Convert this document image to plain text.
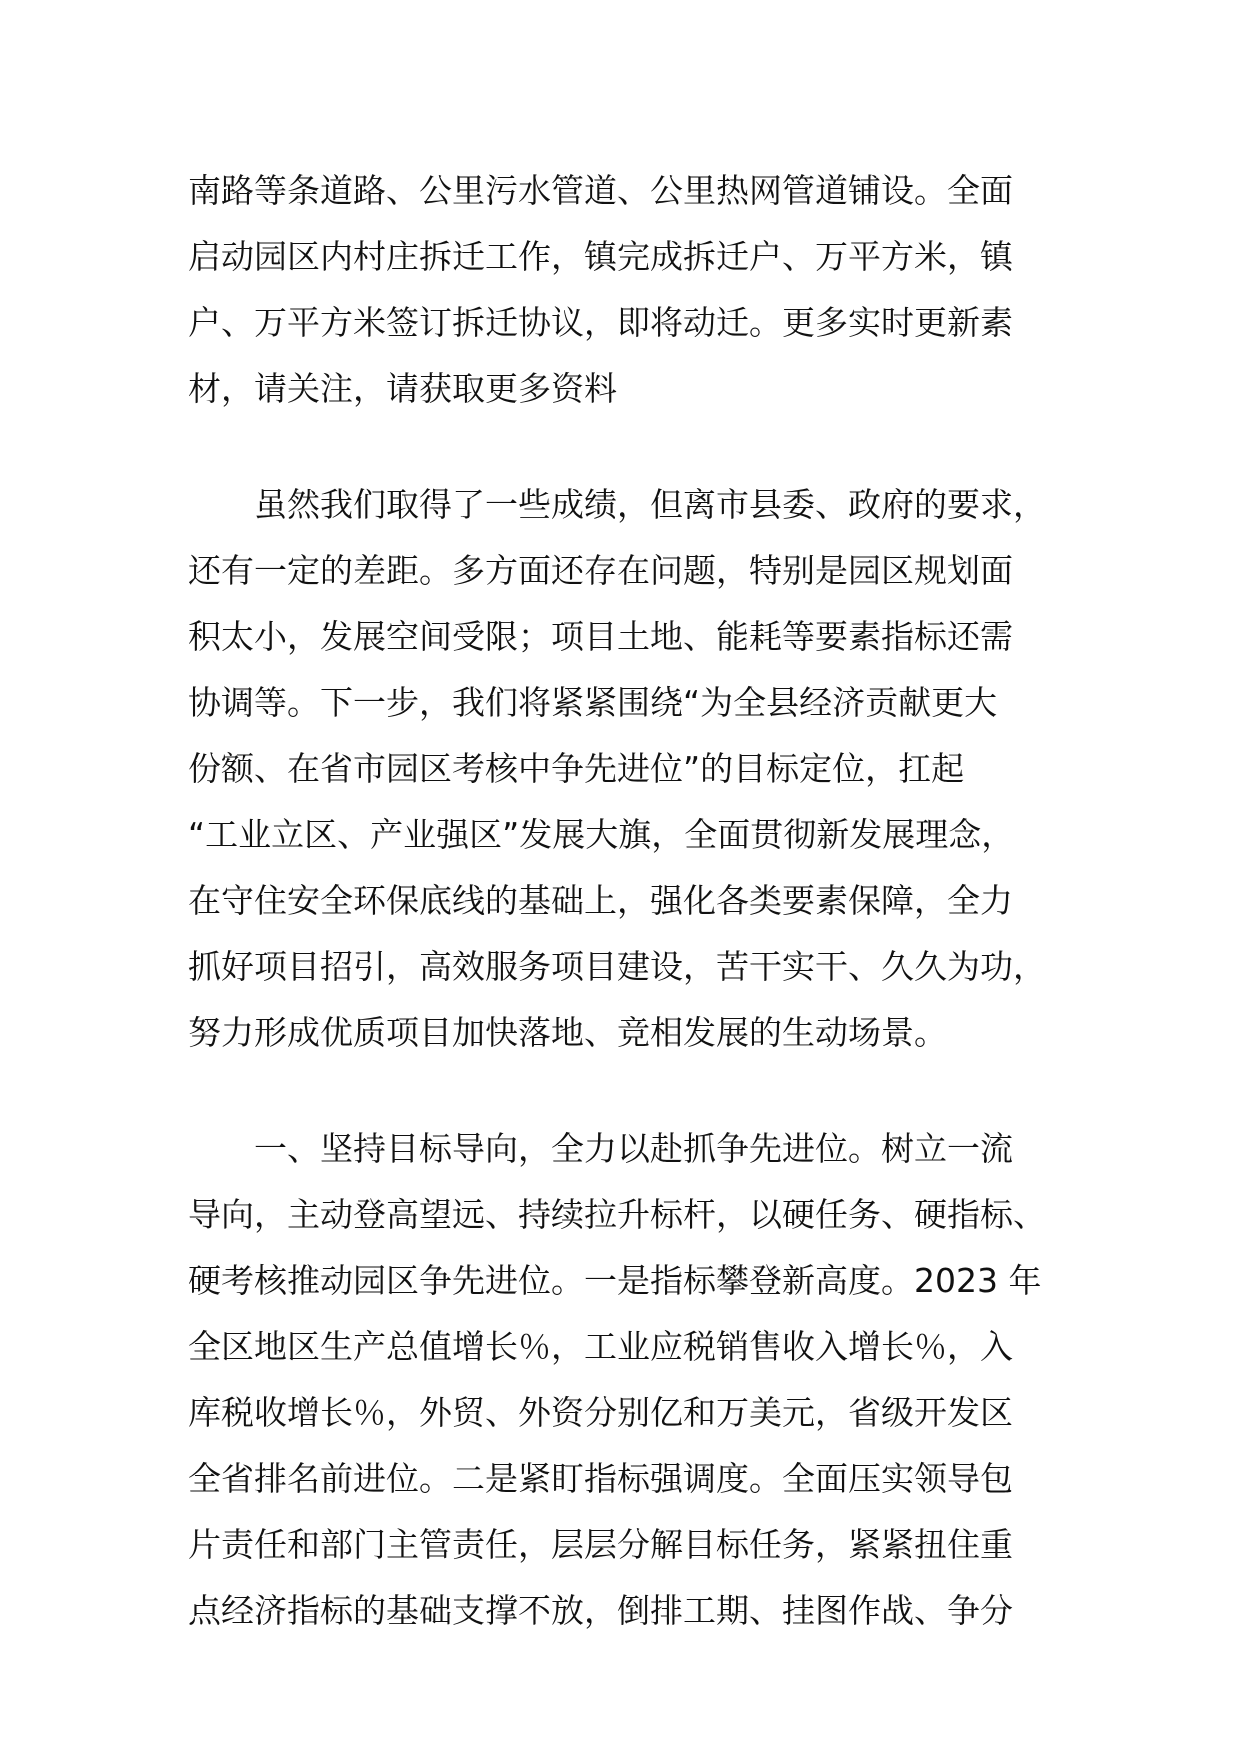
南路等条道路、公里污水管道、公里热网管道铺设。全面
启动园区内村庄拆迁工作，镇完成拆迁户、万平方米，镇
户、万平方米签订拆迁协议，即将动迁。更多实时更新素
材，请关注，请获取更多资料

虽然我们取得了一些成绩，但离市县委、政府的要求，
还有一定的差距。多方面还存在问题，特别是园区规划面
积太小，发展空间受限；项目土地、能耗等要素指标还需
协调等。下一步，我们将紧紧围绕“为全县经济贡献更大
份额、在省市园区考核中争先进位”的目标定位，扛起
“工业立区、产业强区”发展大旗，全面贯彻新发展理念，
在守住安全环保底线的基础上，强化各类要素保障，全力
抓好项目招引，高效服务项目建设，苦干实干、久久为功，
努力形成优质项目加快落地、竞相发展的生动场景。

一、坚持目标导向，全力以赴抓争先进位。树立一流
导向，主动登高望远、持续拉升标杆，以硬任务、硬指标、
硬考核推动园区争先进位。一是指标攀登新高度。2023 年
全区地区生产总值增长％，工业应税销售收入增长％，入
库税收增长％，外贸、外资分别亿和万美元，省级开发区
全省排名前进位。二是紧盯指标强调度。全面压实领导包
片责任和部门主管责任，层层分解目标任务，紧紧扭住重
点经济指标的基础支撑不放，倒排工期、挂图作战、争分
